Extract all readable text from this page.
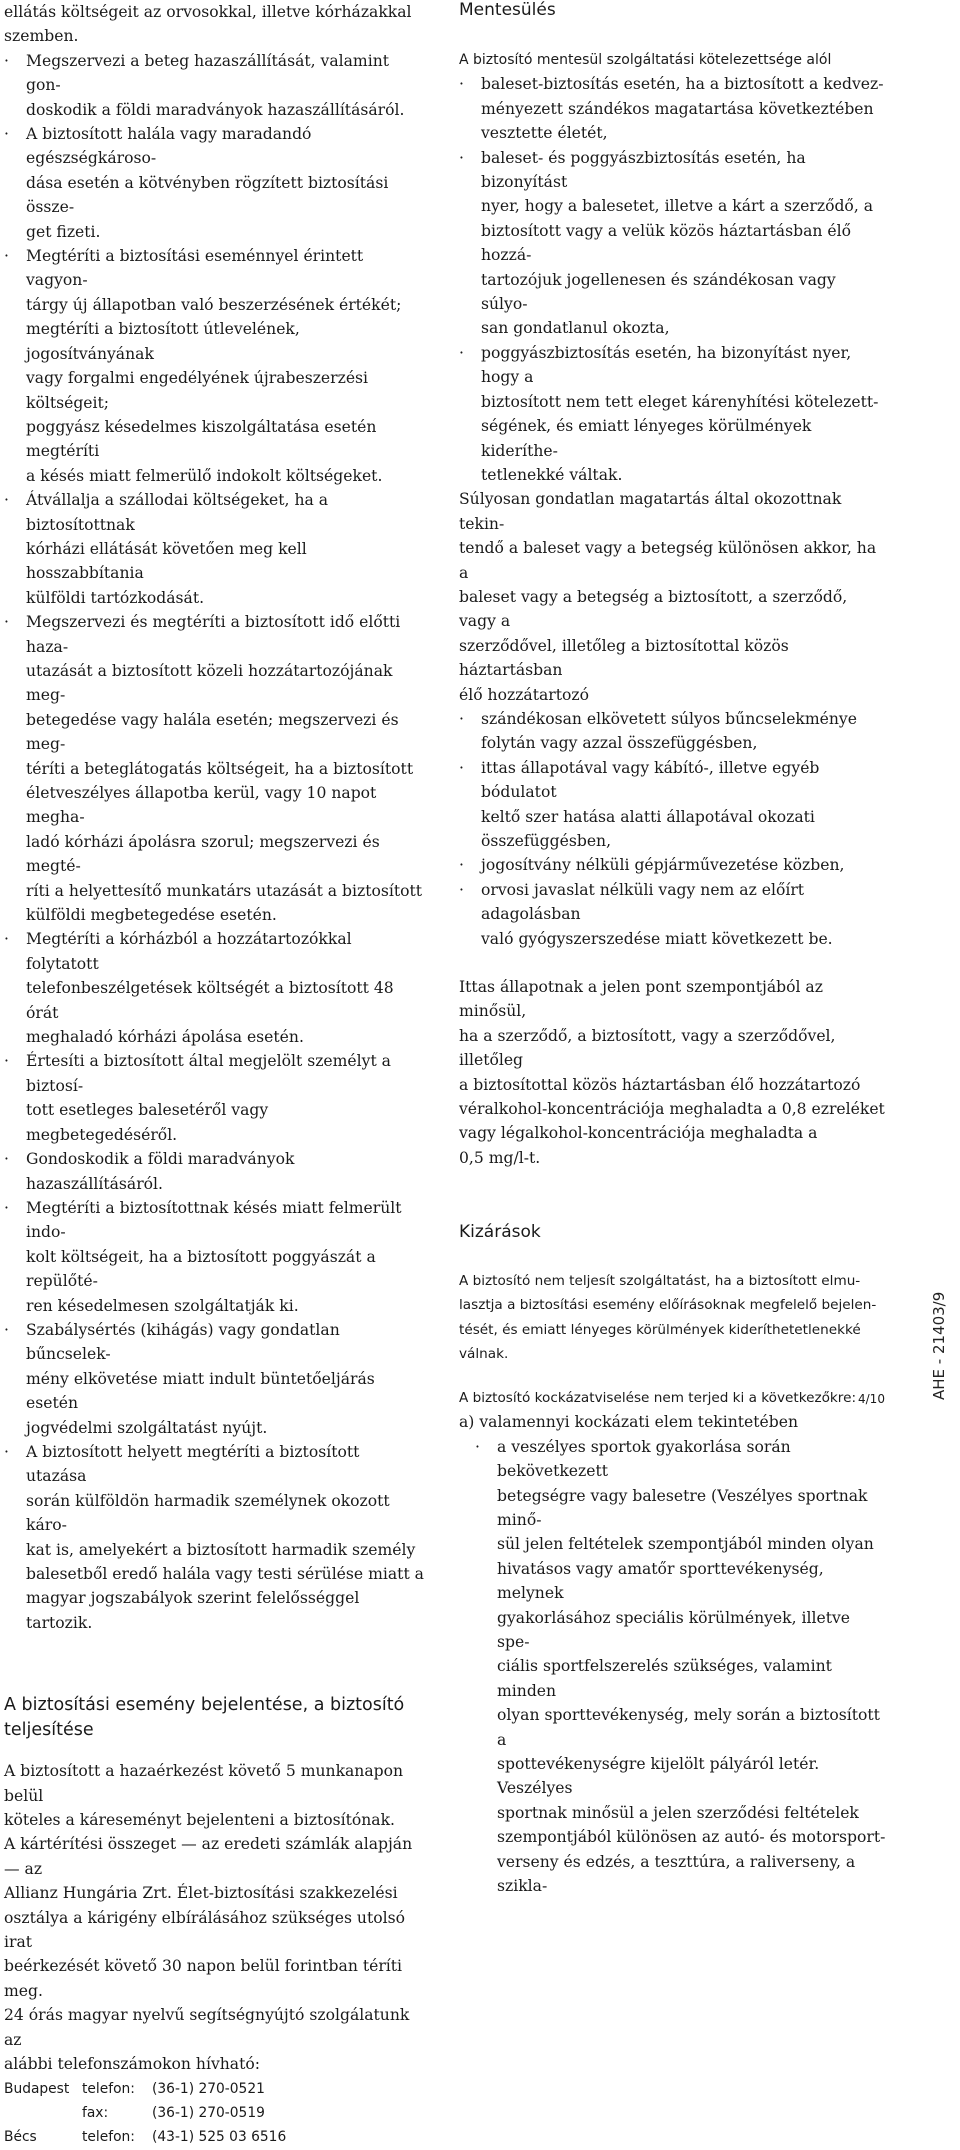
ellátás költségeit az orvosokkal, illetve kórházakkal

szemben.

· Megszervezi a beteg hazaszállítását, valamint gon-
doskodik a földi maradványok hazaszállításáról.
· A biztosított halála vagy maradandó egészségkároso-
dása esetén a kötvényben rögzített biztosítási össze-
get fizeti.
· Megtéríti a biztosítási eseménnyel érintett vagyon-
tárgy új állapotban való beszerzésének értékét;
megtéríti a biztosított útlevelének, jogosítványának
vagy forgalmi engedélyének újrabeszerzési költségeit;
poggyász késedelmes kiszolgáltatása esetén megtéríti
a késés miatt felmerülő indokolt költségeket.
· Átvállalja a szállodai költségeket, ha a biztosítottnak
kórházi ellátását követően meg kell hosszabbítania
külföldi tartózkodását.
· Megszervezi és megtéríti a biztosított idő előtti haza-
utazását a biztosított közeli hozzátartozójának meg-
betegedése vagy halála esetén; megszervezi és meg-
téríti a beteglátogatás költségeit, ha a biztosított
életveszélyes állapotba kerül, vagy 10 napot megha-
ladó kórházi ápolásra szorul; megszervezi és megté-
ríti a helyettesítő munkatárs utazását a biztosított
külföldi megbetegedése esetén.
· Megtéríti a kórházból a hozzátartozókkal folytatott
telefonbeszélgetések költségét a biztosított 48 órát
meghaladó kórházi ápolása esetén.
· Értesíti a biztosított által megjelölt személyt a biztosí-
tott esetleges balesetéről vagy megbetegedéséről.
· Gondoskodik a földi maradványok hazaszállításáról.
· Megtéríti a biztosítottnak késés miatt felmerült indo-
kolt költségeit, ha a biztosított poggyászát a repülőté-
ren késedelmesen szolgáltatják ki.
· Szabálysértés (kihágás) vagy gondatlan bűncselek-
mény elkövetése miatt indult büntetőeljárás esetén
jogvédelmi szolgáltatást nyújt.
· A biztosított helyett megtéríti a biztosított utazása
során külföldön harmadik személynek okozott káro-
kat is, amelyekért a biztosított harmadik személy
balesetből eredő halála vagy testi sérülése miatt a
magyar jogszabályok szerint felelősséggel tartozik.
A biztosítási esemény bejelentése, a biztosító
teljesítése

A biztosított a hazaérkezést követő 5 munkanapon belül
köteles a káreseményt bejelenteni a biztosítónak.
A kártérítési összeget — az eredeti számlák alapján — az
Allianz Hungária Zrt. Élet-biztosítási szakkezelési
osztálya a kárigény elbírálásához szükséges utolsó irat
beérkezését követő 30 napon belül forintban téríti meg.
24 órás magyar nyelvű segítségnyújtó szolgálatunk az
alábbi telefonszámokon hívható:

Budapest telefon:	(36-1) 270-0521
fax:	(36-1) 270-0519
Bécs	telefon:	(43-1) 525 03 6516
Mentesülés

A biztosító mentesül szolgáltatási kötelezettsége alól

· baleset-biztosítás esetén, ha a biztosított a kedvez-
ményezett szándékos magatartása következtében
vesztette életét,
· baleset- és poggyászbiztosítás esetén, ha bizonyítást
nyer, hogy a balesetet, illetve a kárt a szerződő, a
biztosított vagy a velük közös háztartásban élő hozzá-
tartozójuk jogellenesen és szándékosan vagy súlyo-
san gondatlanul okozta,
· poggyászbiztosítás esetén, ha bizonyítást nyer, hogy a
biztosított nem tett eleget kárenyhítési kötelezett-
ségének, és emiatt lényeges körülmények kideríthe-
tetlenekké váltak.

Súlyosan gondatlan magatartás által okozottnak tekin-
tendő a baleset vagy a betegség különösen akkor, ha a
baleset vagy a betegség a biztosított, a szerződő, vagy a
szerződővel, illetőleg a biztosítottal közös háztartásban
élő hozzátartozó

· szándékosan elkövetett súlyos bűncselekménye
folytán vagy azzal összefüggésben,
· ittas állapotával vagy kábító-, illetve egyéb bódulatot
keltő szer hatása alatti állapotával okozati
összefüggésben,
· jogosítvány nélküli gépjárművezetése közben,
· orvosi javaslat nélküli vagy nem az előírt adagolásban
való gyógyszerszedése miatt következett be.

Ittas állapotnak a jelen pont szempontjából az minősül,
ha a szerződő, a biztosított, vagy a szerződővel, illetőleg
a biztosítottal közös háztartásban élő hozzátartozó
véralkohol-koncentrációja meghaladta a 0,8 ezreléket
vagy légalkohol-koncentrációja meghaladta a
0,5 mg/l-t.

Kizárások

A biztosító nem teljesít szolgáltatást, ha a biztosított elmu-
lasztja a biztosítási esemény előírásoknak megfelelő bejelen-
tését, és emiatt lényeges körülmények kideríthetetlenekké
válnak.

A biztosító kockázatviselése nem terjed ki a következőkre:

a) valamennyi kockázati elem tekintetében

· a veszélyes sportok gyakorlása során bekövetkezett
betegségre vagy balesetre (Veszélyes sportnak minő-
sül jelen feltételek szempontjából minden olyan
hivatásos vagy amatőr sporttevékenység, melynek
gyakorlásához speciális körülmények, illetve spe-
ciális sportfelszerelés szükséges, valamint minden
olyan sporttevékenység, mely során a biztosított a
spottevékenységre kijelölt pályáról letér. Veszélyes
sportnak minősül a jelen szerződési feltételek
szempontjából különösen az autó- és motorsport-
verseny és edzés, a teszttúra, a raliverseny, a szikla-
AHE - 21403/9
4/10
